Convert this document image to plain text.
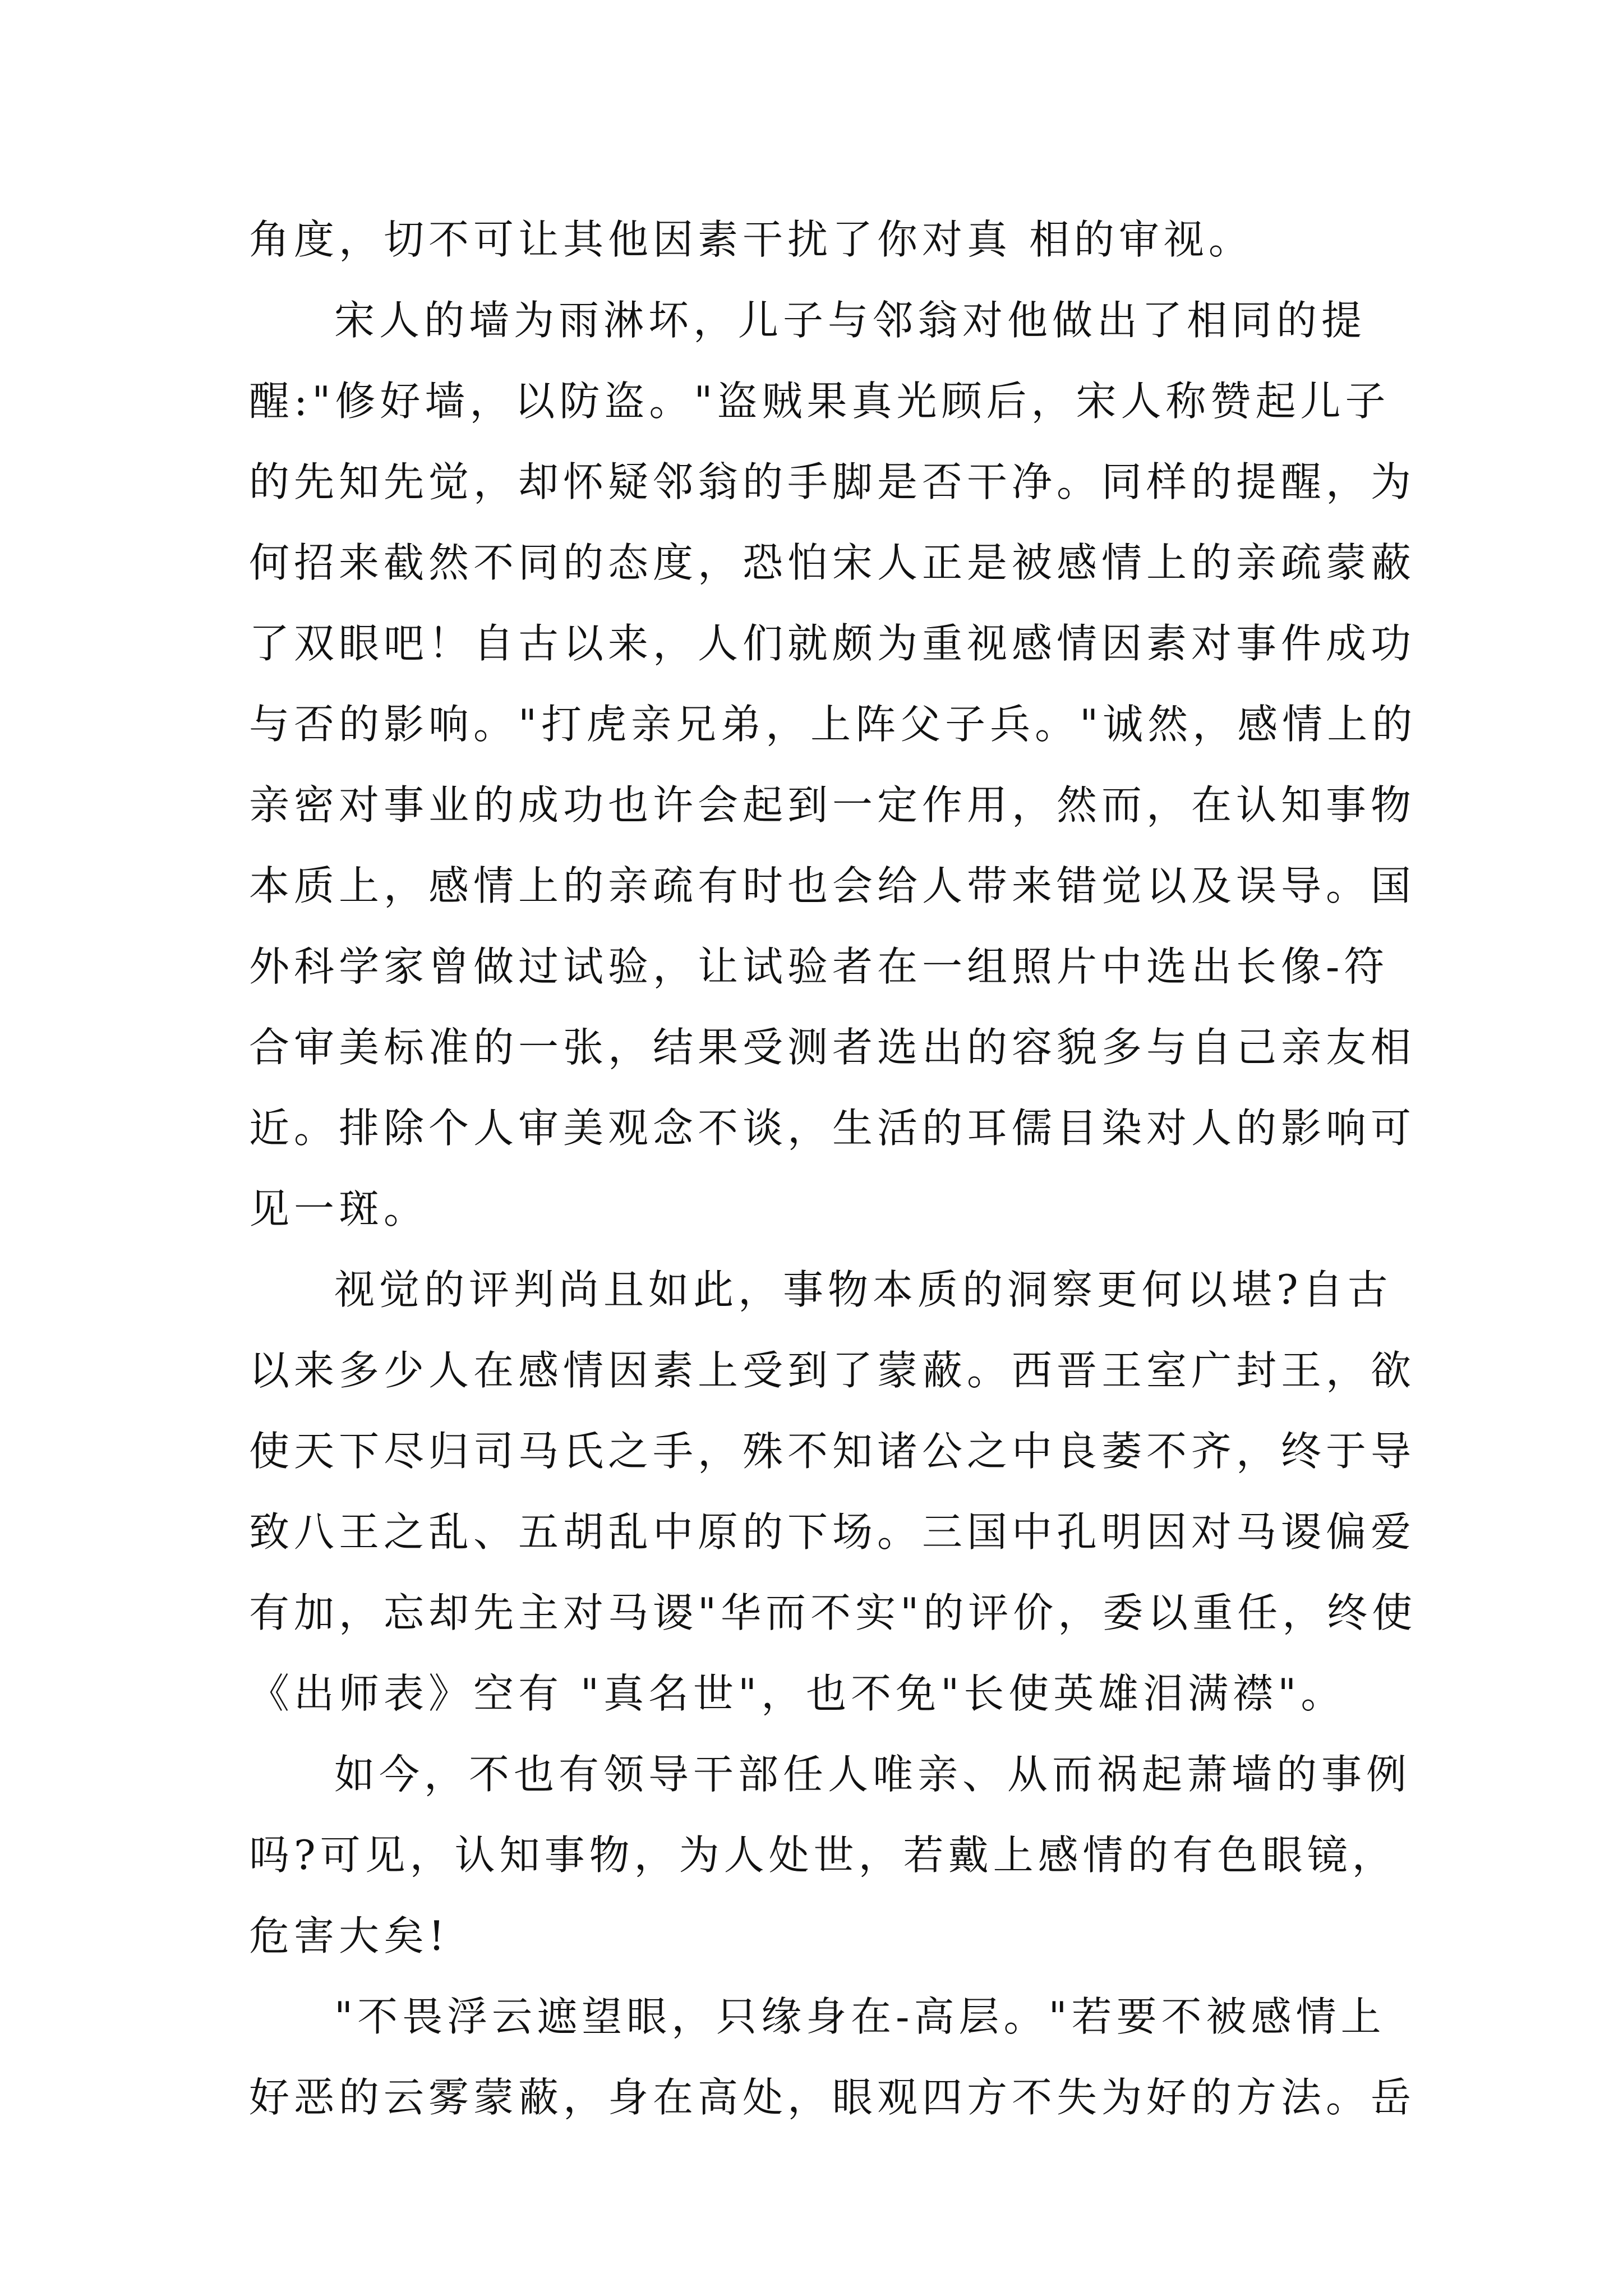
角度，切不可让其他因素干扰了你对真 相的审视。
宋人的墙为雨淋坏，儿子与邻翁对他做出了相同的提
醒:"修好墙，以防盗。"盗贼果真光顾后，宋人称赞起儿子
的先知先觉，却怀疑邻翁的手脚是否干净。同样的提醒，为
何招来截然不同的态度，恐怕宋人正是被感情上的亲疏蒙蔽
了双眼吧！自古以来，人们就颇为重视感情因素对事件成功
与否的影响。"打虎亲兄弟，上阵父子兵。"诚然，感情上的
亲密对事业的成功也许会起到一定作用，然而，在认知事物
本质上，感情上的亲疏有时也会给人带来错觉以及误导。国
外科学家曾做过试验，让试验者在一组照片中选出长像-符
合审美标准的一张，结果受测者选出的容貌多与自己亲友相
近。排除个人审美观念不谈，生活的耳儒目染对人的影响可
见一斑。
视觉的评判尚且如此，事物本质的洞察更何以堪?自古
以来多少人在感情因素上受到了蒙蔽。西晋王室广封王，欲
使天下尽归司马氏之手，殊不知诸公之中良萎不齐，终于导
致八王之乱、五胡乱中原的下场。三国中孔明因对马谡偏爱
有加，忘却先主对马谡"华而不实"的评价，委以重任，终使
《出师表》空有 "真名世"，也不免"长使英雄泪满襟"。
如今，不也有领导干部任人唯亲、从而祸起萧墙的事例
吗?可见，认知事物，为人处世，若戴上感情的有色眼镜，
危害大矣!
"不畏浮云遮望眼，只缘身在-高层。"若要不被感情上
好恶的云雾蒙蔽，身在高处，眼观四方不失为好的方法。岳
